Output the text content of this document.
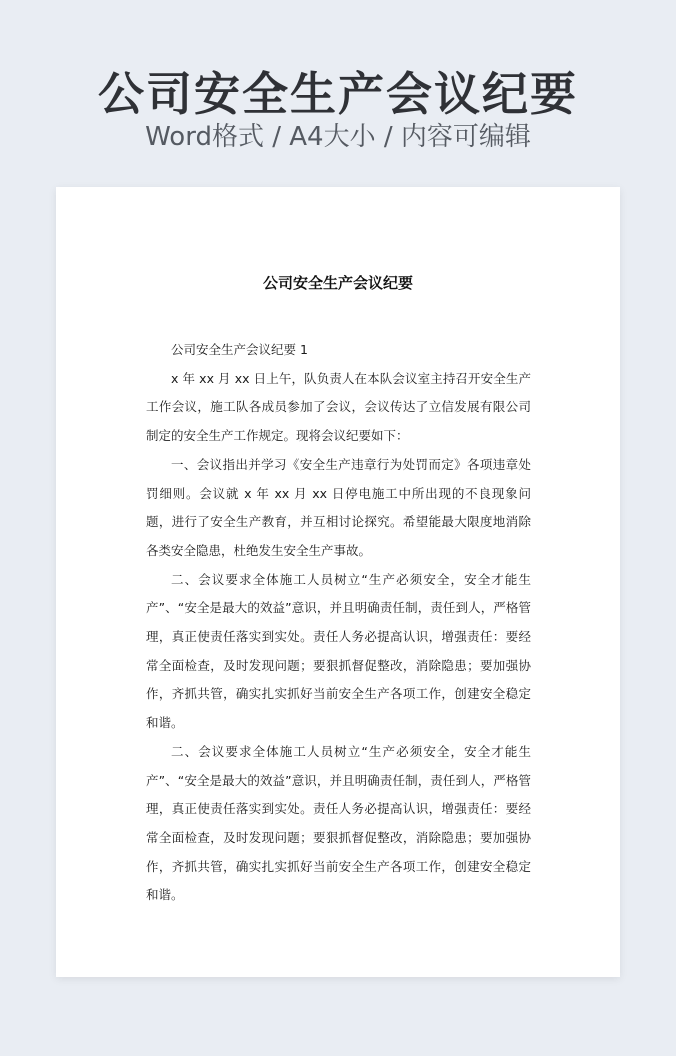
公司安全生产会议纪要
Word格式 / A4大小 / 内容可编辑
公司安全生产会议纪要

公司安全生产会议纪要 1

x 年 xx 月 xx 日上午，队负责人在本队会议室主持召开安全生产工作会议，施工队各成员参加了会议，会议传达了立信发展有限公司制定的安全生产工作规定。现将会议纪要如下：

一、会议指出并学习《安全生产违章行为处罚而定》各项违章处罚细则。会议就 x 年 xx 月 xx 日停电施工中所出现的不良现象问题，进行了安全生产教育，并互相讨论探究。希望能最大限度地消除各类安全隐患，杜绝发生安全生产事故。

二、会议要求全体施工人员树立“生产必须安全，安全才能生产”、“安全是最大的效益”意识，并且明确责任制，责任到人，严格管理，真正使责任落实到实处。责任人务必提高认识，增强责任：要经常全面检查，及时发现问题；要狠抓督促整改，消除隐患；要加强协作，齐抓共管，确实扎实抓好当前安全生产各项工作，创建安全稳定和谐。

二、会议要求全体施工人员树立“生产必须安全，安全才能生产”、“安全是最大的效益”意识，并且明确责任制，责任到人，严格管理，真正使责任落实到实处。责任人务必提高认识，增强责任：要经常全面检查，及时发现问题；要狠抓督促整改，消除隐患；要加强协作，齐抓共管，确实扎实抓好当前安全生产各项工作，创建安全稳定和谐。
